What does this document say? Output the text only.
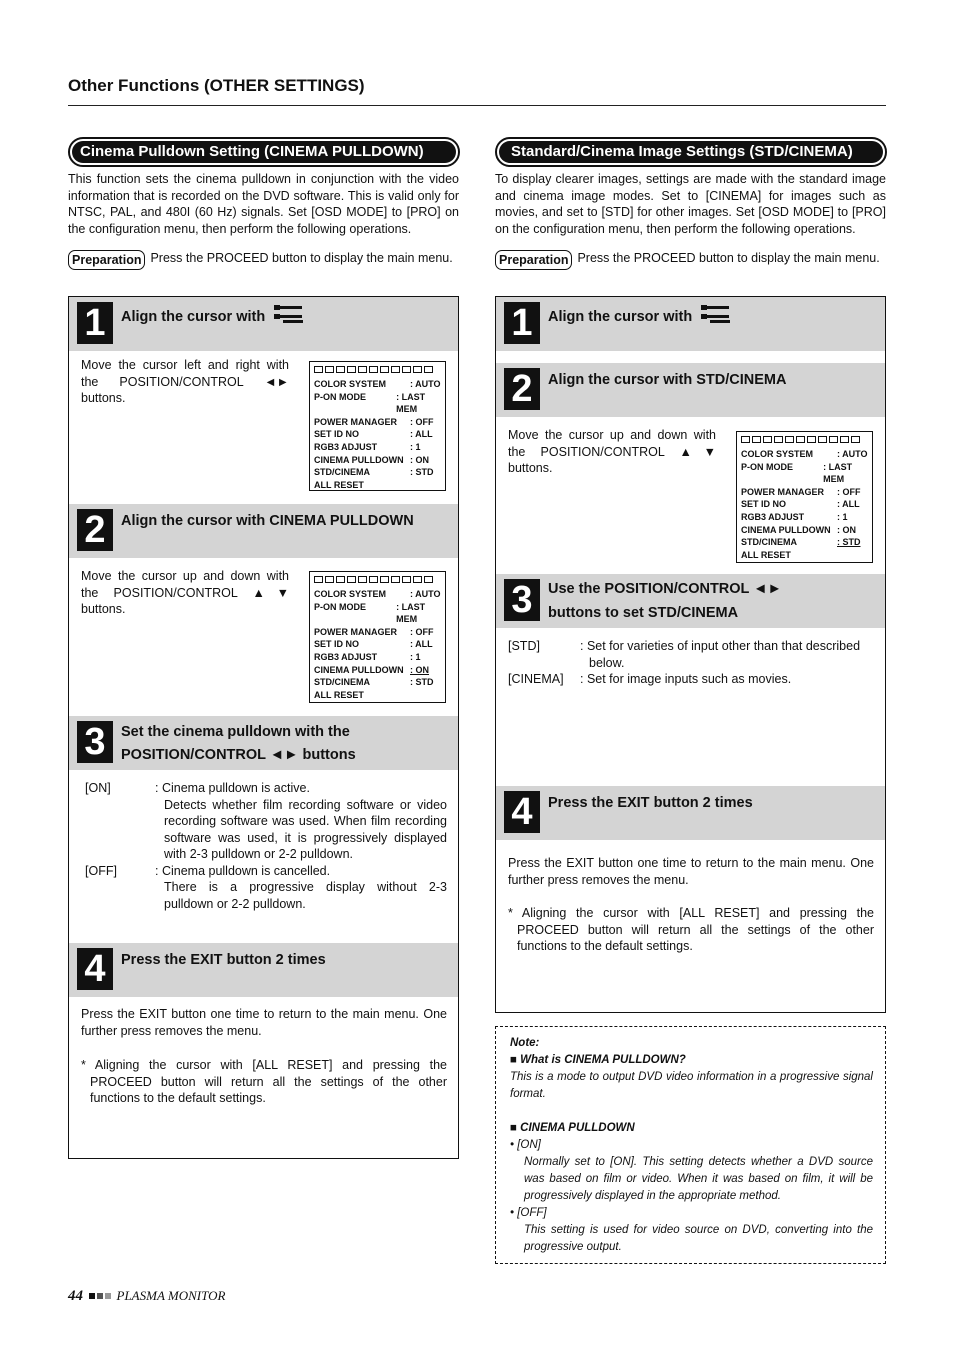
Other Functions (OTHER SETTINGS)
Cinema Pulldown Setting (CINEMA PULLDOWN)
This function sets the cinema pulldown in conjunction with the video information that is recorded on the DVD software. This is valid only for NTSC, PAL, and 480I (60 Hz) signals. Set [OSD MODE] to [PRO] on the configuration menu, then perform the following operations.
Preparation Press the PROCEED button to display the main menu.
1	Align the cursor with
Move the cursor left and right with the POSITION/CONTROL ◄► buttons.
COLOR SYSTEM	: AUTO
P-ON MODE	: LAST MEM
POWER MANAGER	: OFF
SET ID NO	: ALL
RGB3 ADJUST	: 1
CINEMA PULLDOWN : ON
STD/CINEMA	: STD
ALL RESET
2	Align the cursor with CINEMA PULLDOWN
Move the cursor up and down with the POSITION/CONTROL ▲▼ buttons.
COLOR SYSTEM	: AUTO
P-ON MODE	: LAST MEM
POWER MANAGER	: OFF
SET ID NO	: ALL
RGB3 ADJUST	: 1
CINEMA PULLDOWN : ON
STD/CINEMA	: STD
ALL RESET
3	Set the cinema pulldown with the
POSITION/CONTROL ◄► buttons
[ON]	: Cinema pulldown is active.
Detects whether film recording software or video recording software was used. When film recording software was used, it is progressively displayed with 2-3 pulldown or 2-2 pulldown.
[OFF]	: Cinema pulldown is cancelled.
There is a progressive display without 2-3 pulldown or 2-2 pulldown.
4	Press the EXIT button 2 times
Press the EXIT button one time to return to the main menu. One further press removes the menu.
* Aligning the cursor with [ALL RESET] and pressing the PROCEED button will return all the settings of the other functions to the default settings.
Standard/Cinema Image Settings (STD/CINEMA)
To display clearer images, settings are made with the standard image and cinema image modes. Set to [CINEMA] for images such as movies, and set to [STD] for other images. Set [OSD MODE] to [PRO] on the configuration menu, then perform the following operations.
Preparation Press the PROCEED button to display the main menu.
1	Align the cursor with
2	Align the cursor with STD/CINEMA
Move the cursor up and down with the POSITION/CONTROL ▲▼ buttons.
COLOR SYSTEM	: AUTO
P-ON MODE	: LAST MEM
POWER MANAGER	: OFF
SET ID NO	: ALL
RGB3 ADJUST	: 1
CINEMA PULLDOWN : ON
STD/CINEMA	: STD
ALL RESET
3	Use the POSITION/CONTROL ◄►
buttons to set STD/CINEMA
[STD]	: Set for varieties of input other than that described below.
[CINEMA]	: Set for image inputs such as movies.
4	Press the EXIT button 2 times
Press the EXIT button one time to return to the main menu. One further press removes the menu.
* Aligning the cursor with [ALL RESET] and pressing the PROCEED button will return all the settings of the other functions to the default settings.
Note:
■ What is CINEMA PULLDOWN?
This is a mode to output DVD video information in a progressive signal format.
■ CINEMA PULLDOWN
• [ON]
Normally set to [ON]. This setting detects whether a DVD source was based on film or video. When it was based on film, it will be progressively displayed in the appropriate method.
• [OFF]
This setting is used for video source on DVD, converting into the progressive output.
44	PLASMA MONITOR
